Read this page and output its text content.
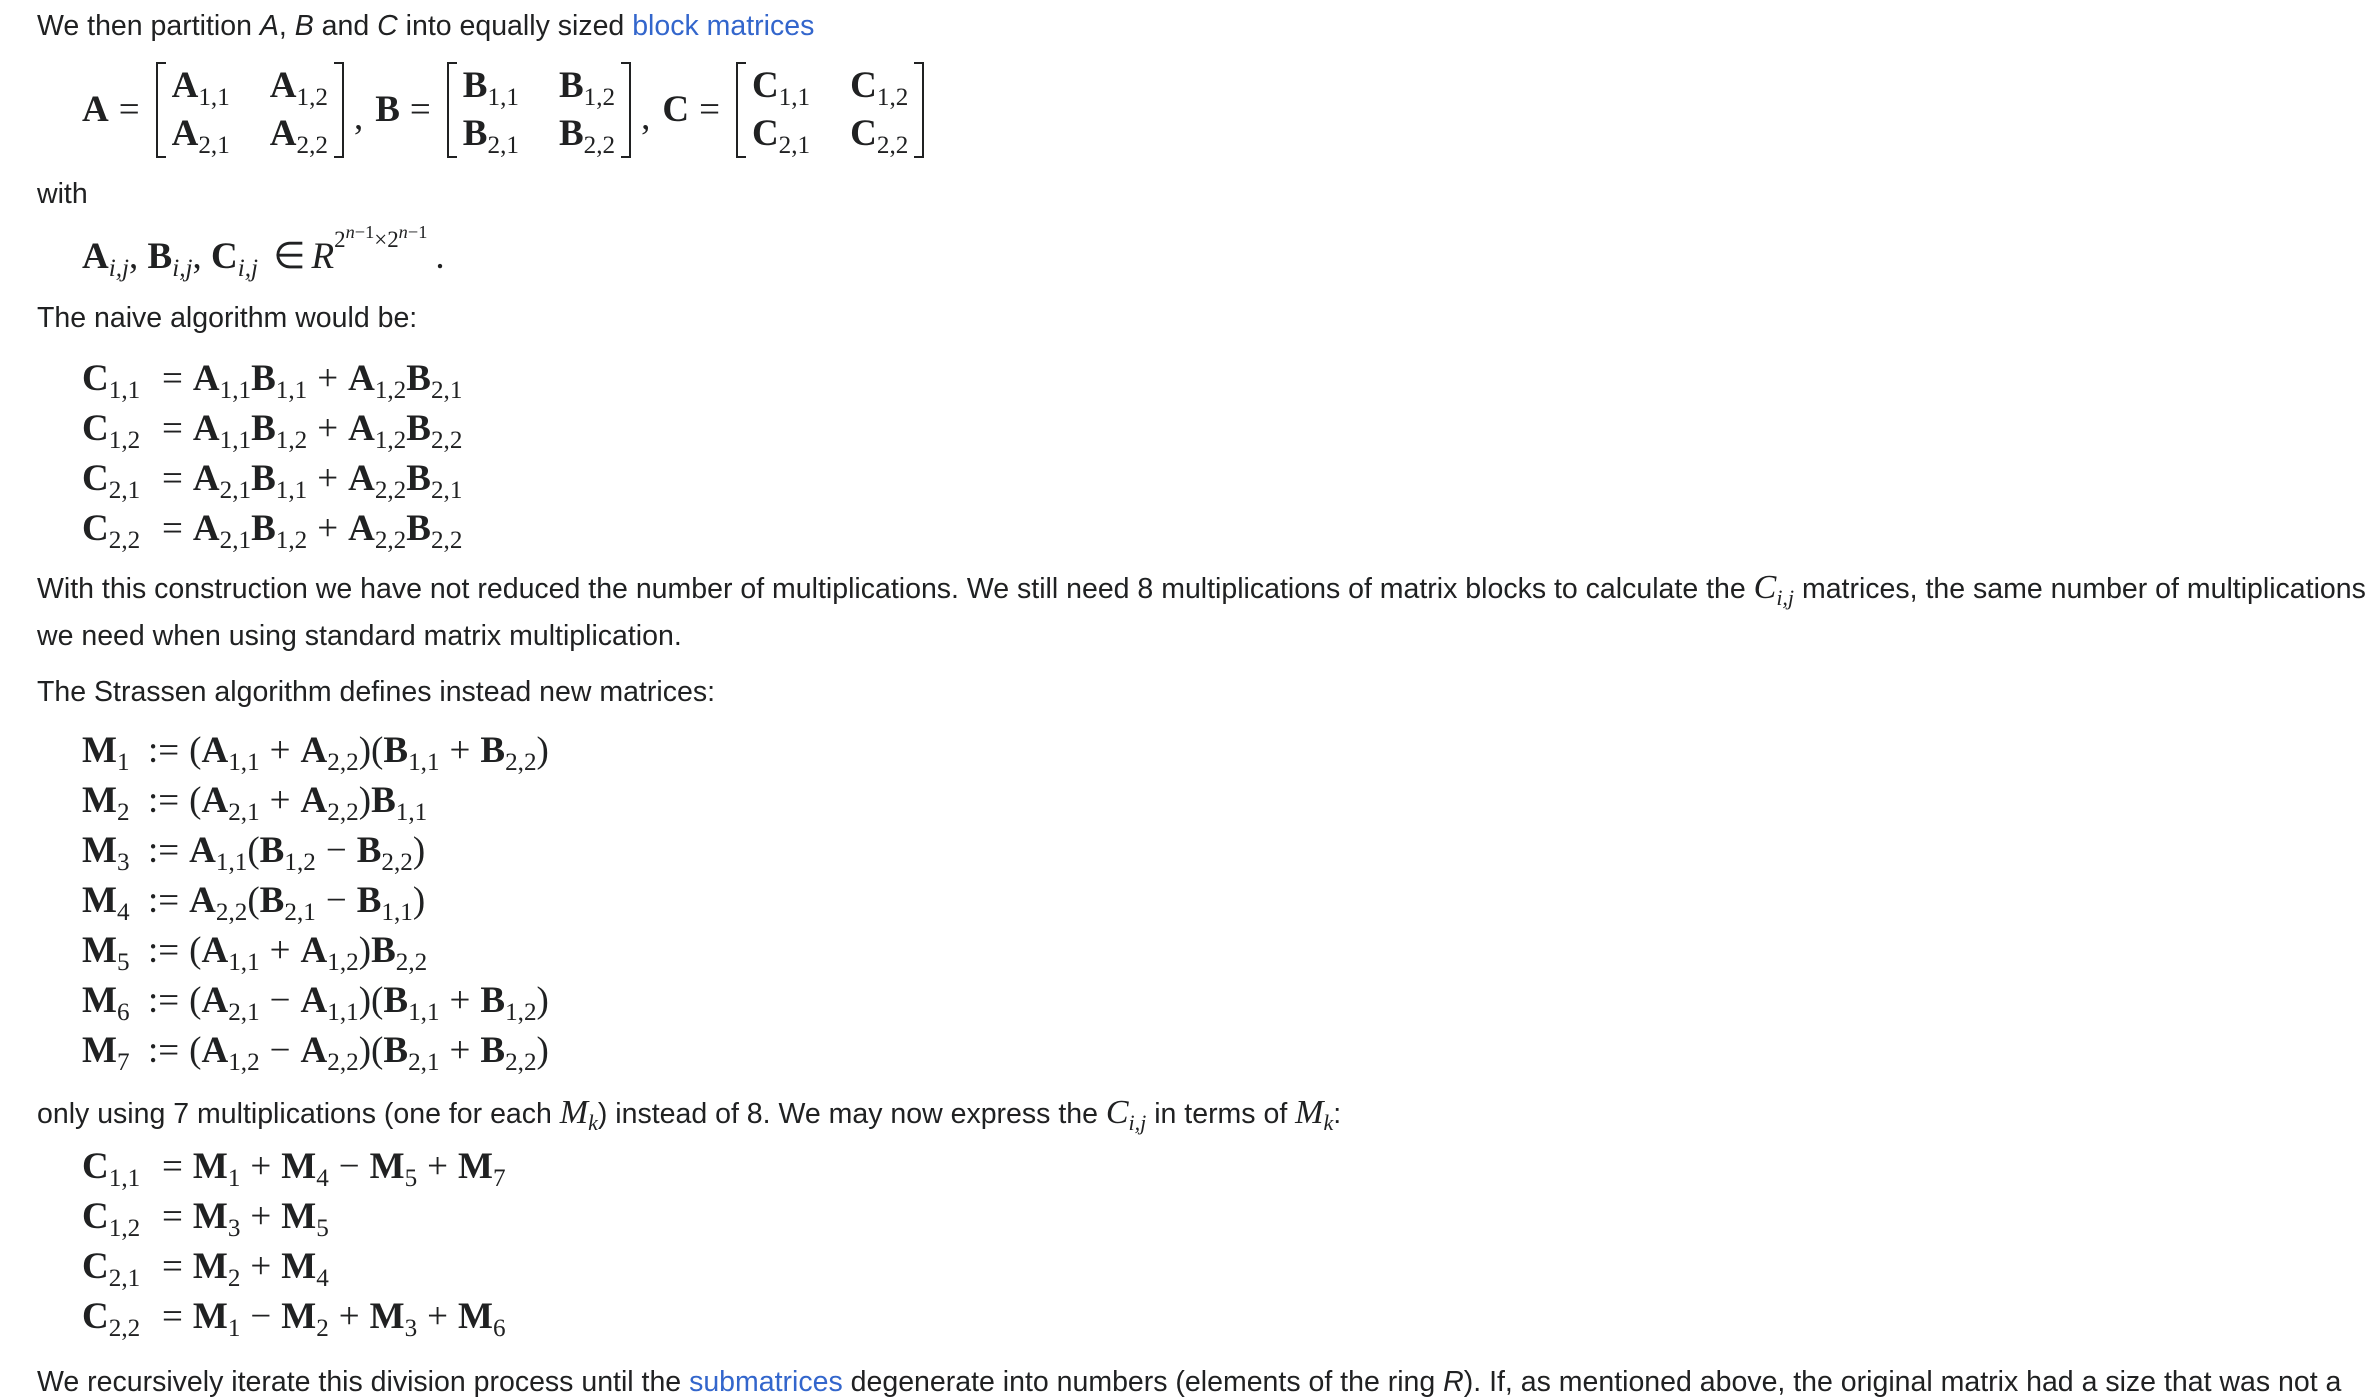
We then partition A, B and C into equally sized block matrices

A =
$A_{1,1}$ $A_{1,2}$
$A_{2,1}$ $A_{2,2}$
, B =
$B_{1,1}$ $B_{1,2}$
$B_{2,1}$ $B_{2,2}$
, C =
$C_{1,1}$ $C_{1,2}$
$C_{2,1}$ $C_{2,2}$

with

$A_{i,j}$, $B_{i,j}$, $C_{i,j}$ ∈ $R^{2^{n-1}\times 2^{n-1}}$.

The naive algorithm would be:

$C_{1,1} = A_{1,1}B_{1,1} + A_{1,2}B_{2,1}$
$C_{1,2} = A_{1,1}B_{1,2} + A_{1,2}B_{2,2}$
$C_{2,1} = A_{2,1}B_{1,1} + A_{2,2}B_{2,1}$
$C_{2,2} = A_{2,1}B_{1,2} + A_{2,2}B_{2,2}$

With this construction we have not reduced the number of multiplications. We still need 8 multiplications of matrix blocks to calculate the $C_{i,j}$ matrices, the same number of multiplications we need when using standard matrix multiplication.

The Strassen algorithm defines instead new matrices:

$M_1$ := $(A_{1,1} + A_{2,2})(B_{1,1} + B_{2,2})$
$M_2$ := $(A_{2,1} + A_{2,2})B_{1,1}$
$M_3$ := $A_{1,1}(B_{1,2} - B_{2,2})$
$M_4$ := $A_{2,2}(B_{2,1} - B_{1,1})$
$M_5$ := $(A_{1,1} + A_{1,2})B_{2,2}$
$M_6$ := $(A_{2,1} - A_{1,1})(B_{1,1} + B_{1,2})$
$M_7$ := $(A_{1,2} - A_{2,2})(B_{2,1} + B_{2,2})$

only using 7 multiplications (one for each $M_k$) instead of 8. We may now express the $C_{i,j}$ in terms of $M_k$:

$C_{1,1} = M_1 + M_4 - M_5 + M_7$
$C_{1,2} = M_3 + M_5$
$C_{2,1} = M_2 + M_4$
$C_{2,2} = M_1 - M_2 + M_3 + M_6$

We recursively iterate this division process until the submatrices degenerate into numbers (elements of the ring R). If, as mentioned above, the original matrix had a size that was not a
